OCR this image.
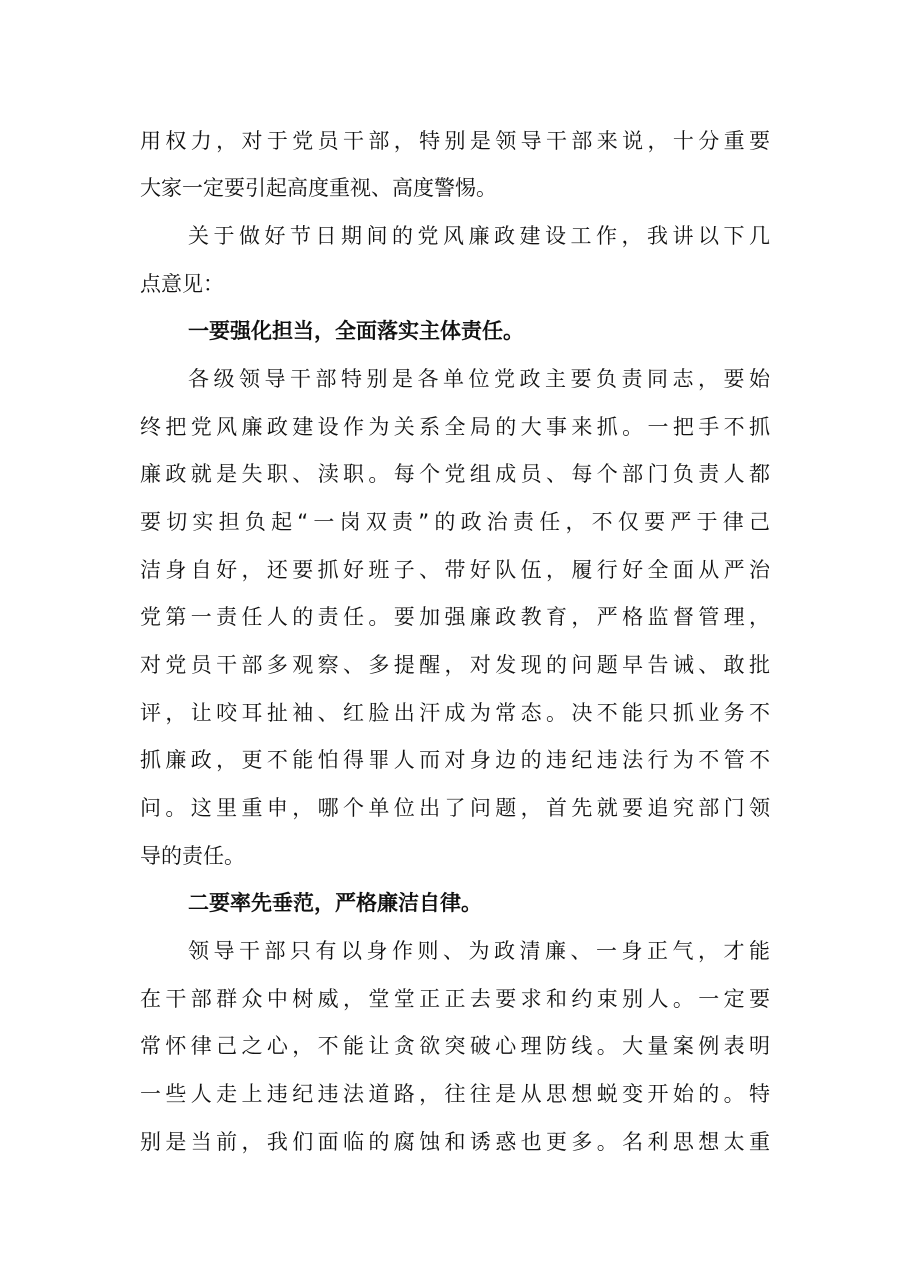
用权力，对于党员干部，特别是领导干部来说，十分重要
大家一定要引起高度重视、高度警惕。
关于做好节日期间的党风廉政建设工作，我讲以下几
点意见：
一要强化担当，全面落实主体责任。
各级领导干部特别是各单位党政主要负责同志，要始
终把党风廉政建设作为关系全局的大事来抓。一把手不抓
廉政就是失职、渎职。每个党组成员、每个部门负责人都
要切实担负起“一岗双责”的政治责任，不仅要严于律己
洁身自好，还要抓好班子、带好队伍，履行好全面从严治
党第一责任人的责任。要加强廉政教育，严格监督管理，
对党员干部多观察、多提醒，对发现的问题早告诫、敢批
评，让咬耳扯袖、红脸出汗成为常态。决不能只抓业务不
抓廉政，更不能怕得罪人而对身边的违纪违法行为不管不
问。这里重申，哪个单位出了问题，首先就要追究部门领
导的责任。
二要率先垂范，严格廉洁自律。
领导干部只有以身作则、为政清廉、一身正气，才能
在干部群众中树威，堂堂正正去要求和约束别人。一定要
常怀律己之心，不能让贪欲突破心理防线。大量案例表明
一些人走上违纪违法道路，往往是从思想蜕变开始的。特
别是当前，我们面临的腐蚀和诱惑也更多。名利思想太重
